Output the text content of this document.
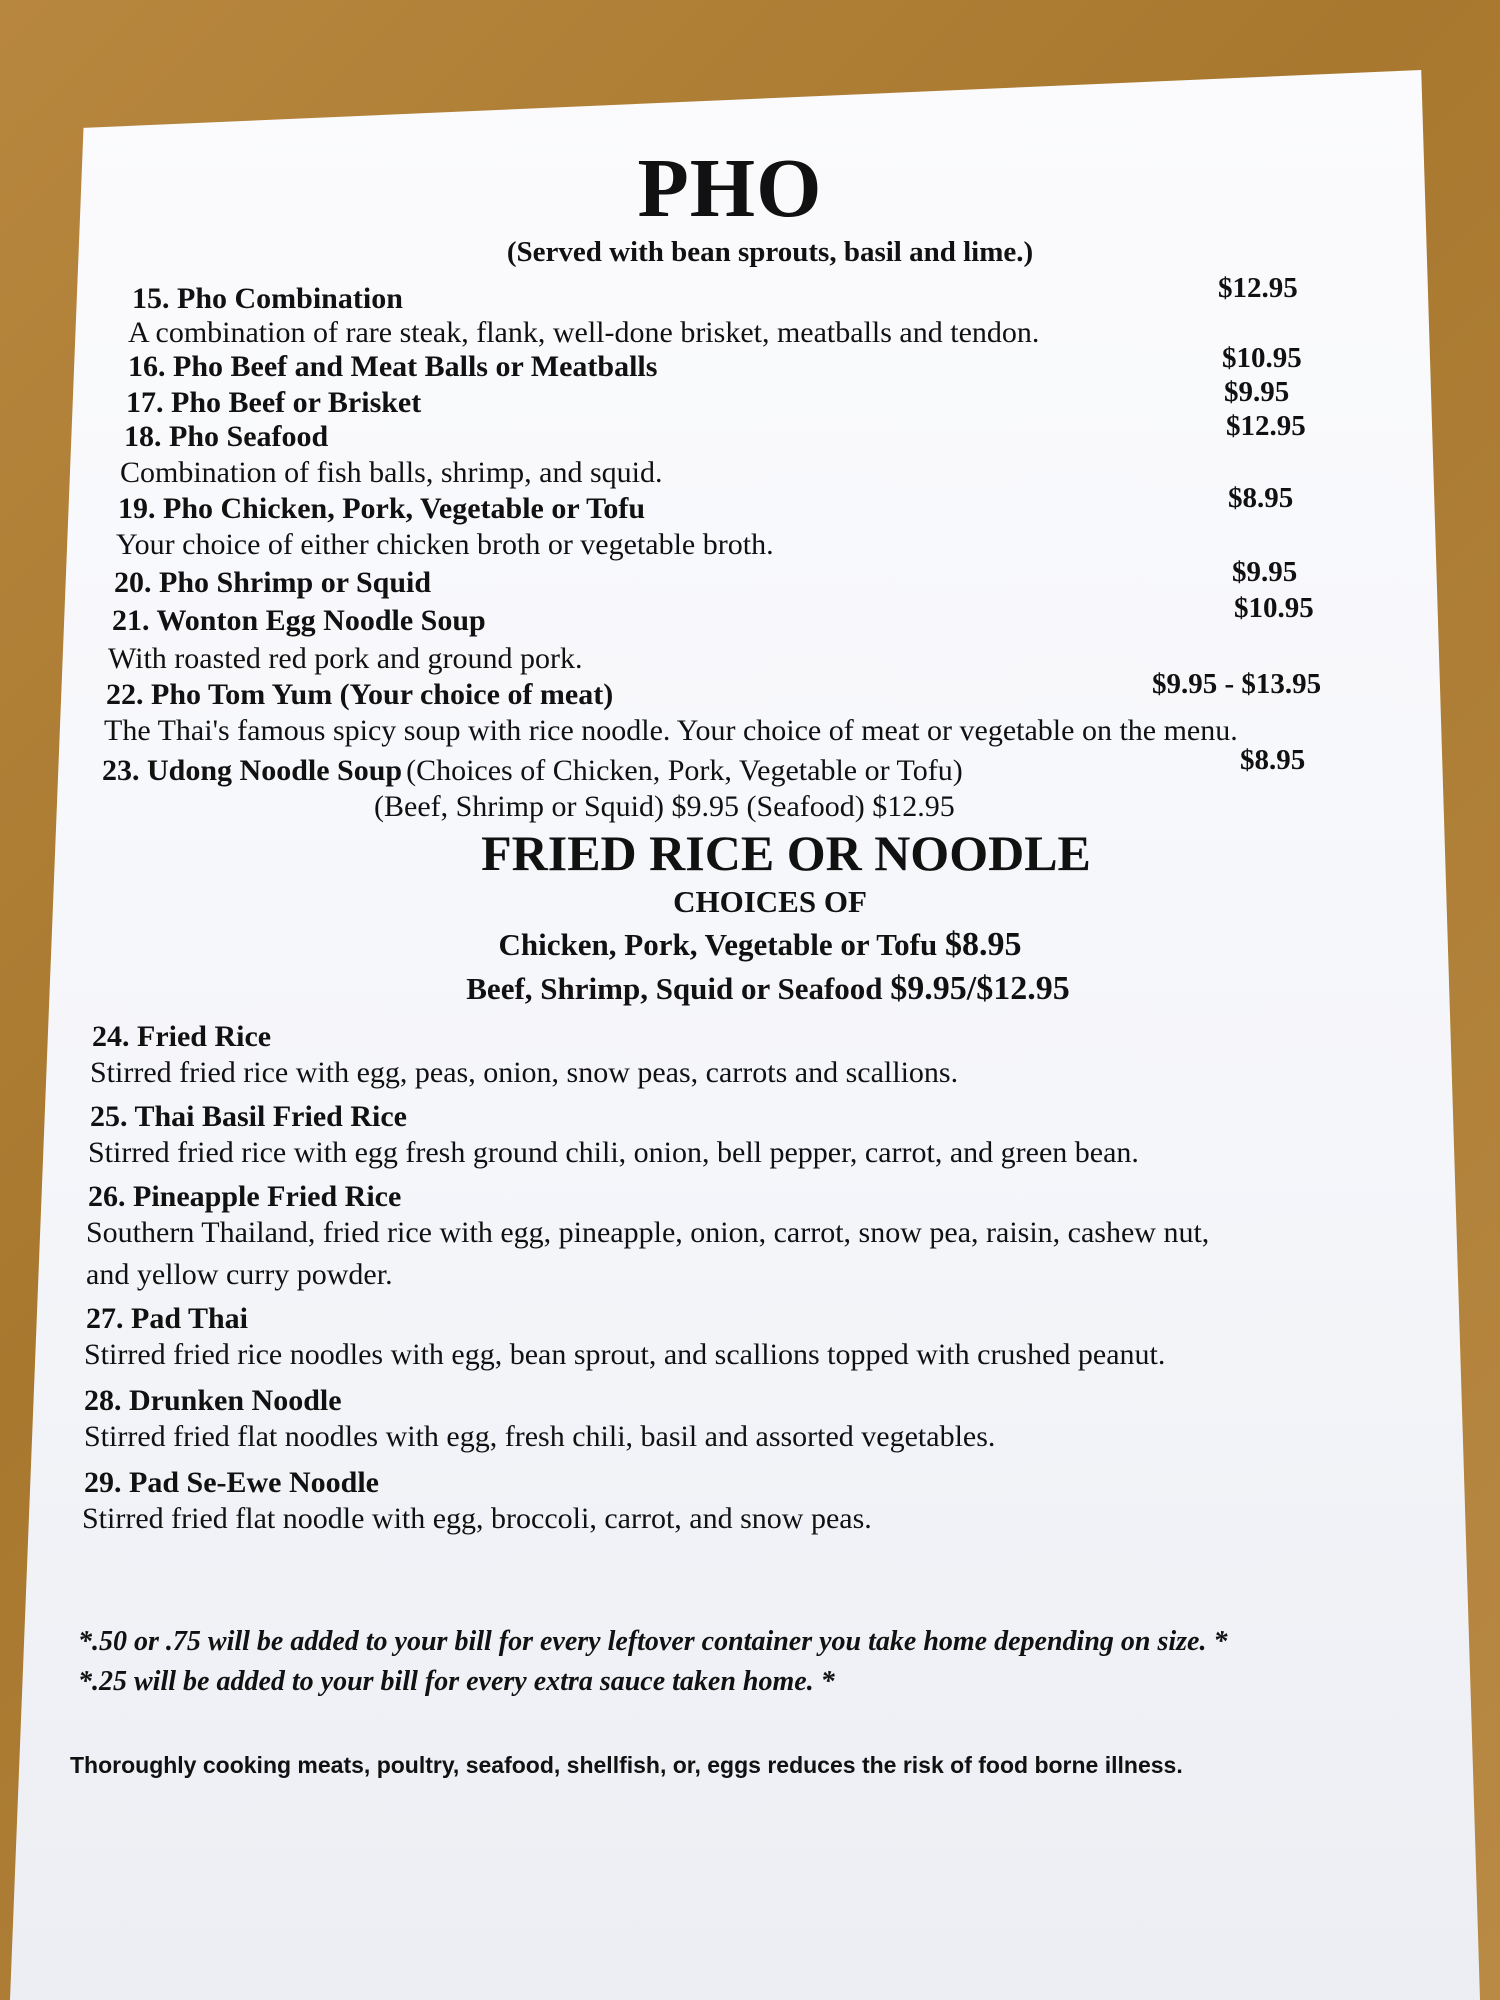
PHO
(Served with bean sprouts, basil and lime.)
15. Pho Combination	$12.95
A combination of rare steak, flank, well-done brisket, meatballs and tendon.
16. Pho Beef and Meat Balls or Meatballs	$10.95
17. Pho Beef or Brisket	$9.95
18. Pho Seafood	$12.95
Combination of fish balls, shrimp, and squid.
19. Pho Chicken, Pork, Vegetable or Tofu	$8.95
Your choice of either chicken broth or vegetable broth.
20. Pho Shrimp or Squid	$9.95
21. Wonton Egg Noodle Soup	$10.95
With roasted red pork and ground pork.
22. Pho Tom Yum (Your choice of meat)	$9.95 - $13.95
The Thai's famous spicy soup with rice noodle. Your choice of meat or vegetable on the menu.
23. Udong Noodle Soup (Choices of Chicken, Pork, Vegetable or Tofu)	$8.95
(Beef, Shrimp or Squid) $9.95 (Seafood) $12.95
FRIED RICE OR NOODLE
CHOICES OF
Chicken, Pork, Vegetable or Tofu $8.95
Beef, Shrimp, Squid or Seafood $9.95/$12.95
24. Fried Rice
Stirred fried rice with egg, peas, onion, snow peas, carrots and scallions.
25. Thai Basil Fried Rice
Stirred fried rice with egg fresh ground chili, onion, bell pepper, carrot, and green bean.
26. Pineapple Fried Rice
Southern Thailand, fried rice with egg, pineapple, onion, carrot, snow pea, raisin, cashew nut,
and yellow curry powder.
27. Pad Thai
Stirred fried rice noodles with egg, bean sprout, and scallions topped with crushed peanut.
28. Drunken Noodle
Stirred fried flat noodles with egg, fresh chili, basil and assorted vegetables.
29. Pad Se-Ewe Noodle
Stirred fried flat noodle with egg, broccoli, carrot, and snow peas.
*.50 or .75 will be added to your bill for every leftover container you take home depending on size. *
*.25 will be added to your bill for every extra sauce taken home. *
Thoroughly cooking meats, poultry, seafood, shellfish, or, eggs reduces the risk of food borne illness.
